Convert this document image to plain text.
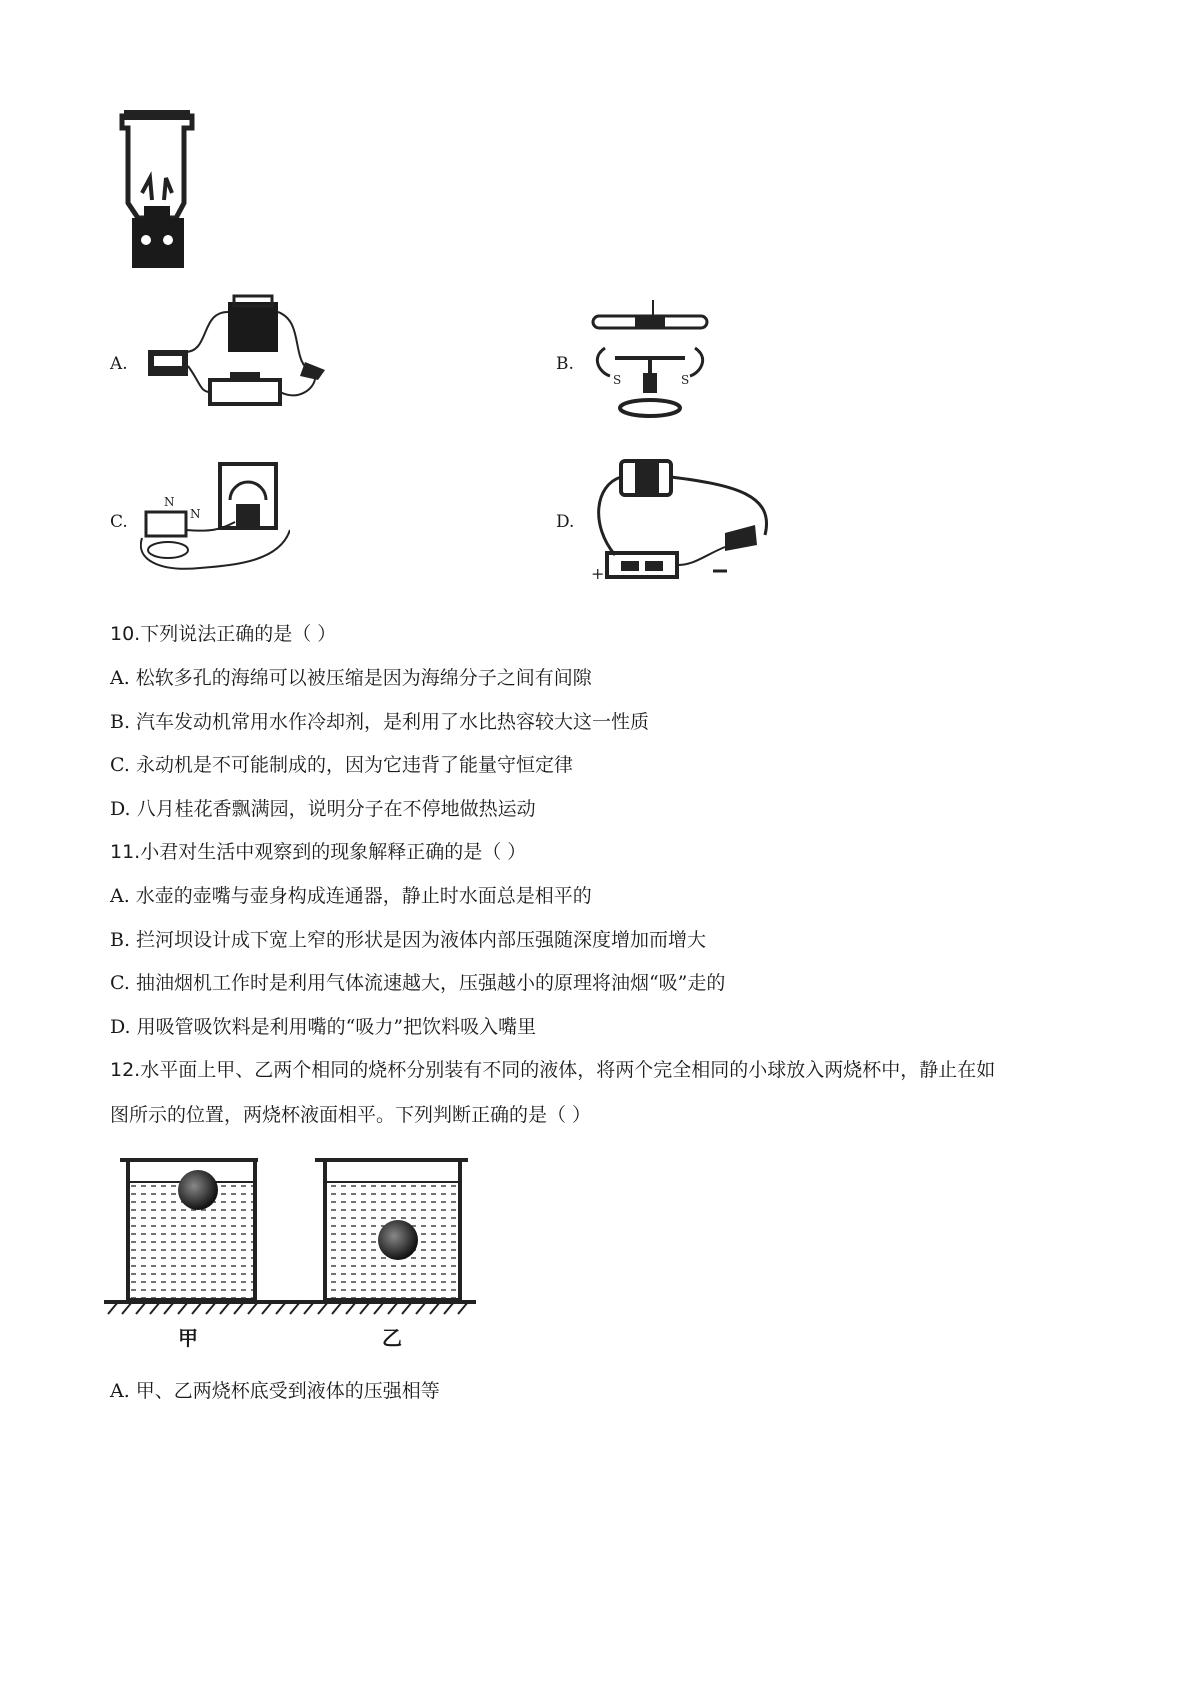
A.	B.
S	S
C.
N
N	D.
+
10.下列说法正确的是（ ）
A. 松软多孔的海绵可以被压缩是因为海绵分子之间有间隙
B. 汽车发动机常用水作冷却剂，是利用了水比热容较大这一性质
C. 永动机是不可能制成的，因为它违背了能量守恒定律
D. 八月桂花香飘满园，说明分子在不停地做热运动
11.小君对生活中观察到的现象解释正确的是（ ）
A. 水壶的壶嘴与壶身构成连通器，静止时水面总是相平的
B. 拦河坝设计成下宽上窄的形状是因为液体内部压强随深度增加而增大
C. 抽油烟机工作时是利用气体流速越大，压强越小的原理将油烟“吸”走的
D. 用吸管吸饮料是利用嘴的“吸力”把饮料吸入嘴里
12.水平面上甲、乙两个相同的烧杯分别装有不同的液体，将两个完全相同的小球放入两烧杯中，静止在如
图所示的位置，两烧杯液面相平。下列判断正确的是（ ）
甲	乙
A. 甲、乙两烧杯底受到液体的压强相等
